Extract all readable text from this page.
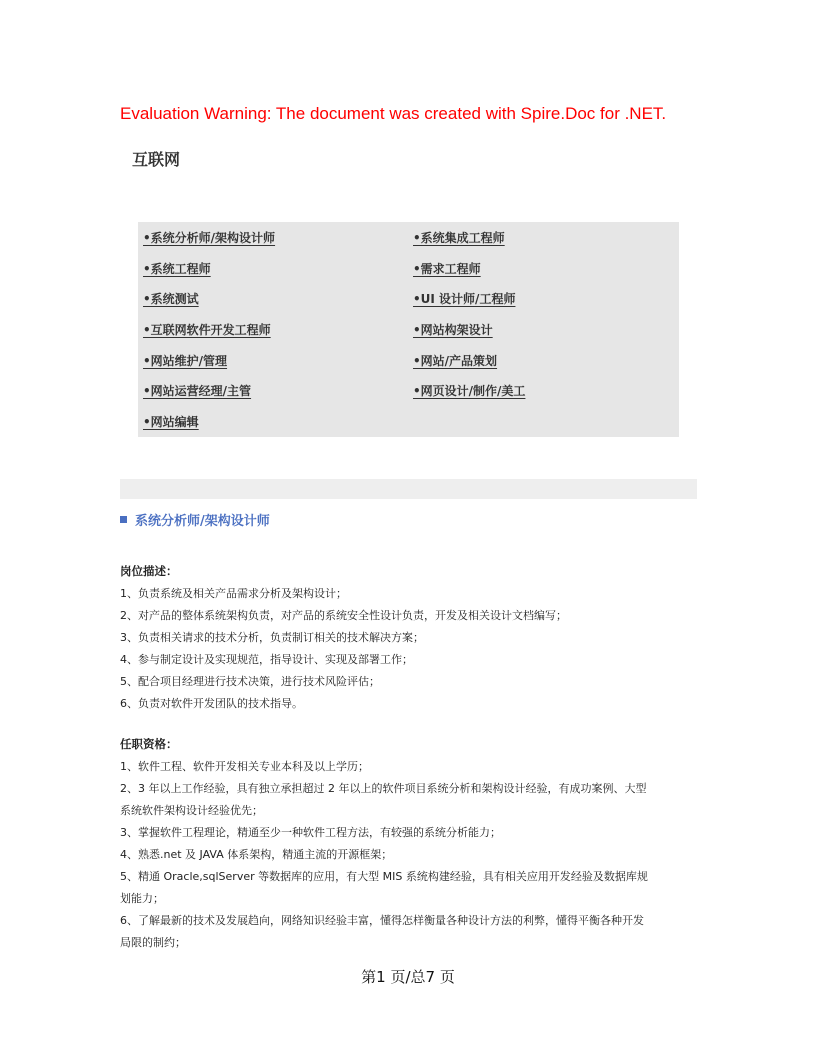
Evaluation Warning: The document was created with Spire.Doc for .NET.
互联网
•系统分析师/架构设计师	•系统集成工程师
•系统工程师	•需求工程师
•系统测试	•UI 设计师/工程师
•互联网软件开发工程师	•网站构架设计
•网站维护/管理	•网站/产品策划
•网站运营经理/主管	•网页设计/制作/美工
•网站编辑
系统分析师/架构设计师
岗位描述：
1、负责系统及相关产品需求分析及架构设计；
2、对产品的整体系统架构负责，对产品的系统安全性设计负责，开发及相关设计文档编写；
3、负责相关请求的技术分析，负责制订相关的技术解决方案；
4、参与制定设计及实现规范，指导设计、实现及部署工作；
5、配合项目经理进行技术决策，进行技术风险评估；
6、负责对软件开发团队的技术指导。
任职资格：
1、软件工程、软件开发相关专业本科及以上学历；
2、3 年以上工作经验，具有独立承担超过 2 年以上的软件项目系统分析和架构设计经验，有成功案例、大型
系统软件架构设计经验优先；
3、掌握软件工程理论，精通至少一种软件工程方法，有较强的系统分析能力；
4、熟悉.net 及 JAVA 体系架构，精通主流的开源框架；
5、精通 Oracle,sqlServer 等数据库的应用，有大型 MIS 系统构建经验，具有相关应用开发经验及数据库规
划能力；
6、了解最新的技术及发展趋向，网络知识经验丰富，懂得怎样衡量各种设计方法的利弊，懂得平衡各种开发
局限的制约；
第1 页/总7 页
